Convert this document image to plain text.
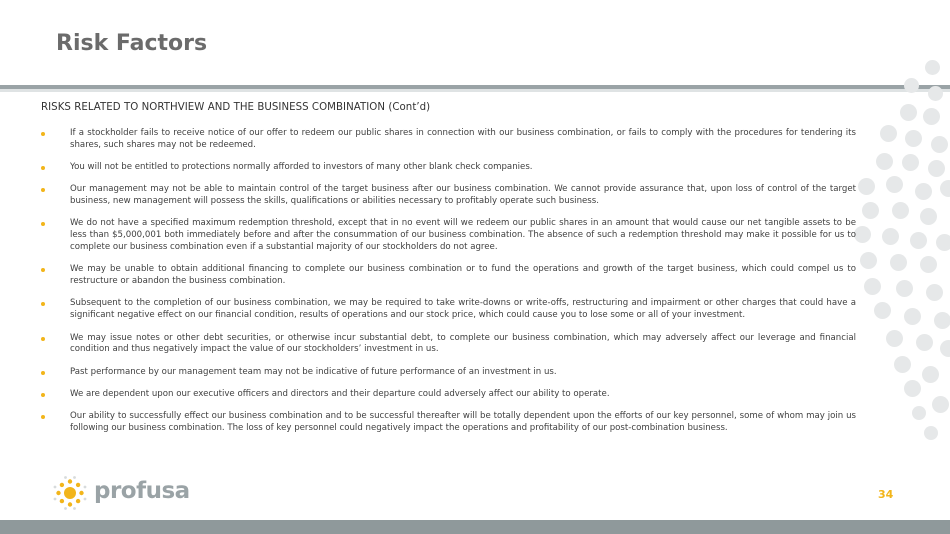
Risk Factors
RISKS RELATED TO NORTHVIEW AND THE BUSINESS COMBINATION (Cont’d)
If a stockholder fails to receive notice of our offer to redeem our public shares in connection with our business combination, or fails to comply with the procedures for tendering its shares, such shares may not be redeemed.
You will not be entitled to protections normally afforded to investors of many other blank check companies.
Our management may not be able to maintain control of the target business after our business combination. We cannot provide assurance that, upon loss of control of the target business, new management will possess the skills, qualifications or abilities necessary to profitably operate such business.
We do not have a specified maximum redemption threshold, except that in no event will we redeem our public shares in an amount that would cause our net tangible assets to be less than $5,000,001 both immediately before and after the consummation of our business combination. The absence of such a redemption threshold may make it possible for us to complete our business combination even if a substantial majority of our stockholders do not agree.
We may be unable to obtain additional financing to complete our business combination or to fund the operations and growth of the target business, which could compel us to restructure or abandon the business combination.
Subsequent to the completion of our business combination, we may be required to take write-downs or write-offs, restructuring and impairment or other charges that could have a significant negative effect on our financial condition, results of operations and our stock price, which could cause you to lose some or all of your investment.
We may issue notes or other debt securities, or otherwise incur substantial debt, to complete our business combination, which may adversely affect our leverage and financial condition and thus negatively impact the value of our stockholders’ investment in us.
Past performance by our management team may not be indicative of future performance of an investment in us.
We are dependent upon our executive officers and directors and their departure could adversely affect our ability to operate.
Our ability to successfully effect our business combination and to be successful thereafter will be totally dependent upon the efforts of our key personnel, some of whom may join us following our business combination. The loss of key personnel could negatively impact the operations and profitability of our post-combination business.
profusa	34
